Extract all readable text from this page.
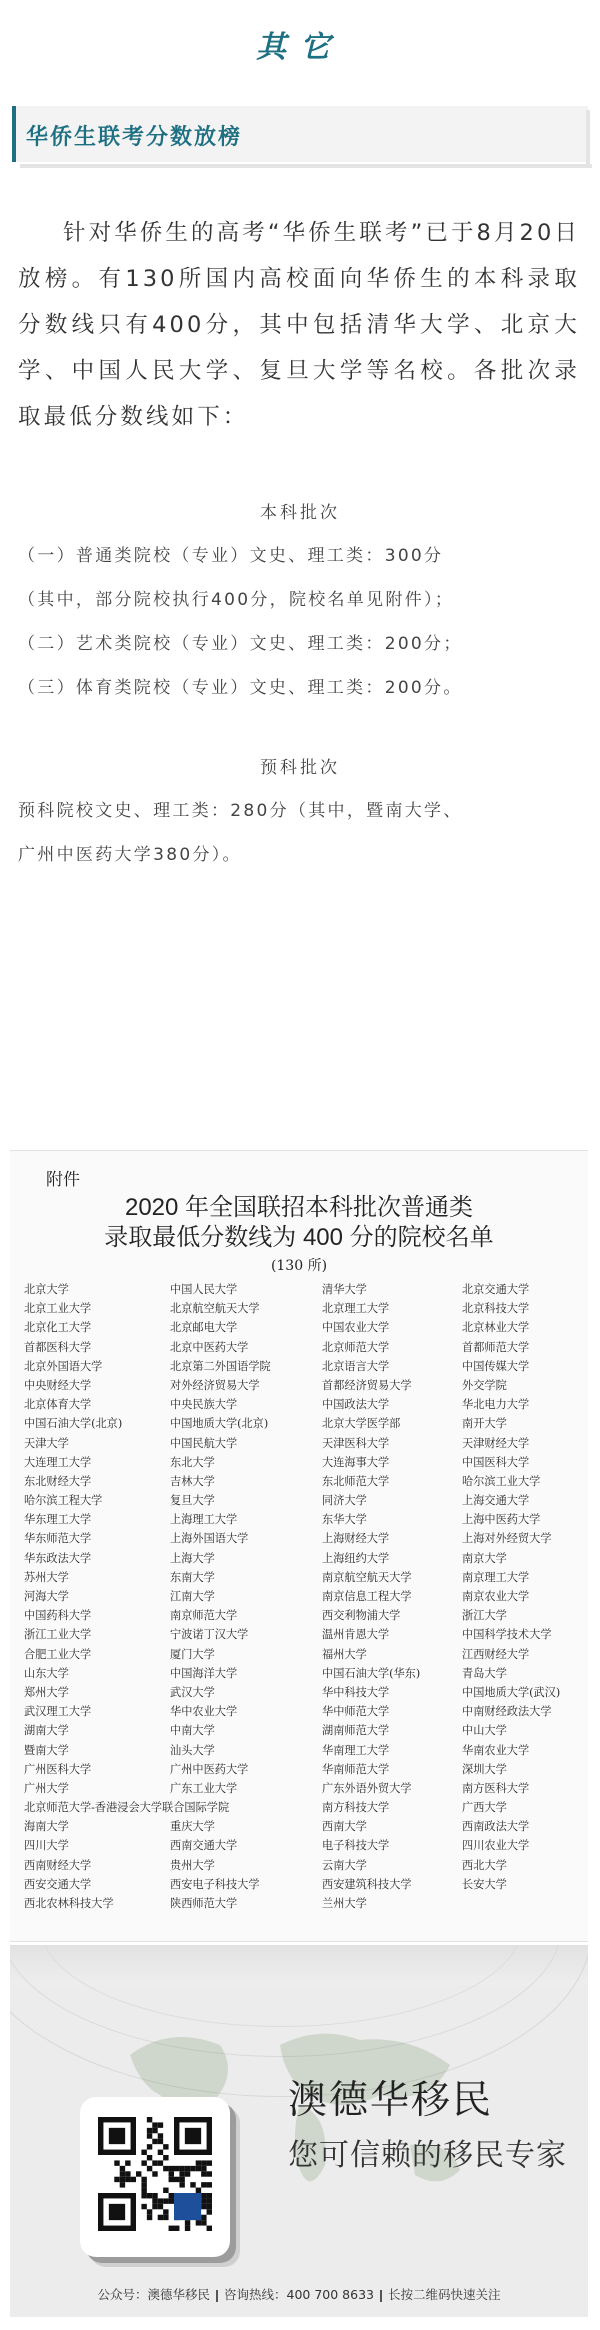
其它
华侨生联考分数放榜

针对华侨生的高考“华侨生联考”已于8月20日放榜。有130所国内高校面向华侨生的本科录取分数线只有400分，其中包括清华大学、北京大学、中国人民大学、复旦大学等名校。各批次录取最低分数线如下：

本科批次
（一）普通类院校（专业）文史、理工类：300分
（其中，部分院校执行400分，院校名单见附件）；
（二）艺术类院校（专业）文史、理工类：200分；
（三）体育类院校（专业）文史、理工类：200分。
预科批次
预科院校文史、理工类：280分（其中，暨南大学、
广州中医药大学380分）。
附件
2020 年全国联招本科批次普通类
录取最低分数线为 400 分的院校名单
(130 所)
北京大学	中国人民大学	清华大学	北京交通大学
北京工业大学	北京航空航天大学	北京理工大学	北京科技大学
北京化工大学	北京邮电大学	中国农业大学	北京林业大学
首都医科大学	北京中医药大学	北京师范大学	首都师范大学
北京外国语大学	北京第二外国语学院	北京语言大学	中国传媒大学
中央财经大学	对外经济贸易大学	首都经济贸易大学	外交学院
北京体育大学	中央民族大学	中国政法大学	华北电力大学
中国石油大学(北京)	中国地质大学(北京)	北京大学医学部	南开大学
天津大学	中国民航大学	天津医科大学	天津财经大学
大连理工大学	东北大学	大连海事大学	中国医科大学
东北财经大学	吉林大学	东北师范大学	哈尔滨工业大学
哈尔滨工程大学	复旦大学	同济大学	上海交通大学
华东理工大学	上海理工大学	东华大学	上海中医药大学
华东师范大学	上海外国语大学	上海财经大学	上海对外经贸大学
华东政法大学	上海大学	上海纽约大学	南京大学
苏州大学	东南大学	南京航空航天大学	南京理工大学
河海大学	江南大学	南京信息工程大学	南京农业大学
中国药科大学	南京师范大学	西交利物浦大学	浙江大学
浙江工业大学	宁波诺丁汉大学	温州肯恩大学	中国科学技术大学
合肥工业大学	厦门大学	福州大学	江西财经大学
山东大学	中国海洋大学	中国石油大学(华东)	青岛大学
郑州大学	武汉大学	华中科技大学	中国地质大学(武汉)
武汉理工大学	华中农业大学	华中师范大学	中南财经政法大学
湖南大学	中南大学	湖南师范大学	中山大学
暨南大学	汕头大学	华南理工大学	华南农业大学
广州医科大学	广州中医药大学	华南师范大学	深圳大学
广州大学	广东工业大学	广东外语外贸大学	南方医科大学
北京师范大学-香港浸会大学联合国际学院	南方科技大学	广西大学
海南大学	重庆大学	西南大学	西南政法大学
四川大学	西南交通大学	电子科技大学	四川农业大学
西南财经大学	贵州大学	云南大学	西北大学
西安交通大学	西安电子科技大学	西安建筑科技大学	长安大学
西北农林科技大学	陕西师范大学	兰州大学
澳德华移民
您可信赖的移民专家
公众号：澳德华移民 咨询热线：400 700 8633 长按二维码快速关注
